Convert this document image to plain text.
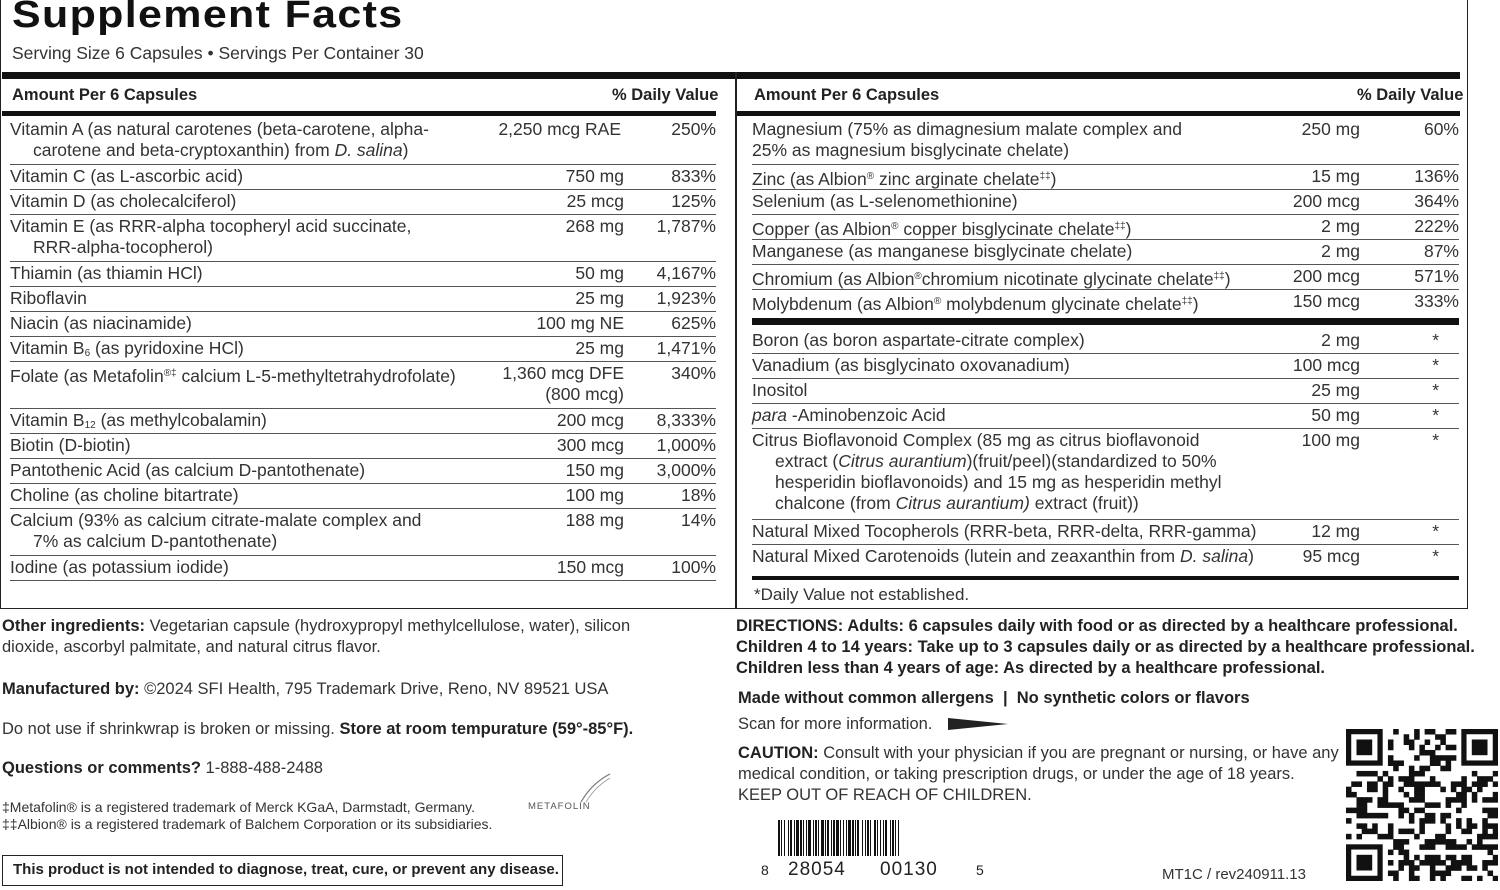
Supplement Facts
Serving Size 6 Capsules • Servings Per Container 30
Amount Per 6 Capsules	% Daily Value Amount Per 6 Capsules	% Daily Value
Vitamin A (as natural carotenes (beta-carotene, alpha-
carotene and beta-cryptoxanthin) from D. salina)
2,250 mcg RAE	250%
Vitamin C (as L-ascorbic acid)	750 mg	833%
Vitamin D (as cholecalciferol)	25 mcg	125%
Vitamin E (as RRR-alpha tocopheryl acid succinate,
RRR-alpha-tocopherol)
268 mg 1,787%
Thiamin (as thiamin HCl)	50 mg 4,167%
Riboflavin	25 mg 1,923%
Niacin (as niacinamide)	100 mg NE	625%
Vitamin $B_6$ (as pyridoxine HCl)	25 mg 1,471%
Folate (as Metafolin®‡ calcium L-5-methyltetrahydrofolate)	1,360 mcg DFE
(800 mcg)
340%
Vitamin $B_{12}$ (as methylcobalamin)	200 mcg 8,333%
Biotin (D-biotin)	300 mcg 1,000%
Pantothenic Acid (as calcium D-pantothenate)	150 mg 3,000%
Choline (as choline bitartrate)	100 mg	18%
Calcium (93% as calcium citrate-malate complex and
7% as calcium D-pantothenate)
188 mg	14%
Iodine (as potassium iodide)	150 mcg	100%
Magnesium (75% as dimagnesium malate complex and
25% as magnesium bisglycinate chelate)
250 mg	60%
Zinc (as Albion® zinc arginate chelate‡‡)	15 mg	136%
Selenium (as L-selenomethionine)	200 mcg	364%
Copper (as Albion® copper bisglycinate chelate‡‡)	2 mg	222%
Manganese (as manganese bisglycinate chelate)	2 mg	87%
Chromium (as Albion®chromium nicotinate glycinate chelate‡‡)	200 mcg	571%
Molybdenum (as Albion® molybdenum glycinate chelate‡‡)	150 mcg	333%
Boron (as boron aspartate-citrate complex)	2 mg	*
Vanadium (as bisglycinato oxovanadium)	100 mcg	*
Inositol	25 mg	*
para -Aminobenzoic Acid	50 mg	*
Citrus Bioflavonoid Complex (85 mg as citrus bioflavonoid
extract (Citrus aurantium)(fruit/peel)(standardized to 50%
hesperidin bioflavonoids) and 15 mg as hesperidin methyl
chalcone (from Citrus aurantium) extract (fruit))
100 mg	*
Natural Mixed Tocopherols (RRR-beta, RRR-delta, RRR-gamma)	12 mg	*
Natural Mixed Carotenoids (lutein and zeaxanthin from D. salina)	95 mcg	*
*Daily Value not established.
Other ingredients: Vegetarian capsule (hydroxypropyl methylcellulose, water), silicon
dioxide, ascorbyl palmitate, and natural citrus flavor.
Manufactured by: ©2024 SFI Health, 795 Trademark Drive, Reno, NV 89521 USA
Do not use if shrinkwrap is broken or missing. Store at room tempurature (59°-85°F).
Questions or comments? 1-888-488-2488
‡Metafolin® is a registered trademark of Merck KGaA, Darmstadt, Germany.
‡‡Albion® is a registered trademark of Balchem Corporation or its subsidiaries.
METAFOLIN
This product is not intended to diagnose, treat, cure, or prevent any disease.
DIRECTIONS: Adults: 6 capsules daily with food or as directed by a healthcare professional.
Children 4 to 14 years: Take up to 3 capsules daily or as directed by a healthcare professional.
Children less than 4 years of age: As directed by a healthcare professional.
Made without common allergens  |  No synthetic colors or flavors
Scan for more information.
CAUTION: Consult with your physician if you are pregnant or nursing, or have any
medical condition, or taking prescription drugs, or under the age of 18 years.
KEEP OUT OF REACH OF CHILDREN.
8 28054 00130	5	MT1C / rev240911.13
